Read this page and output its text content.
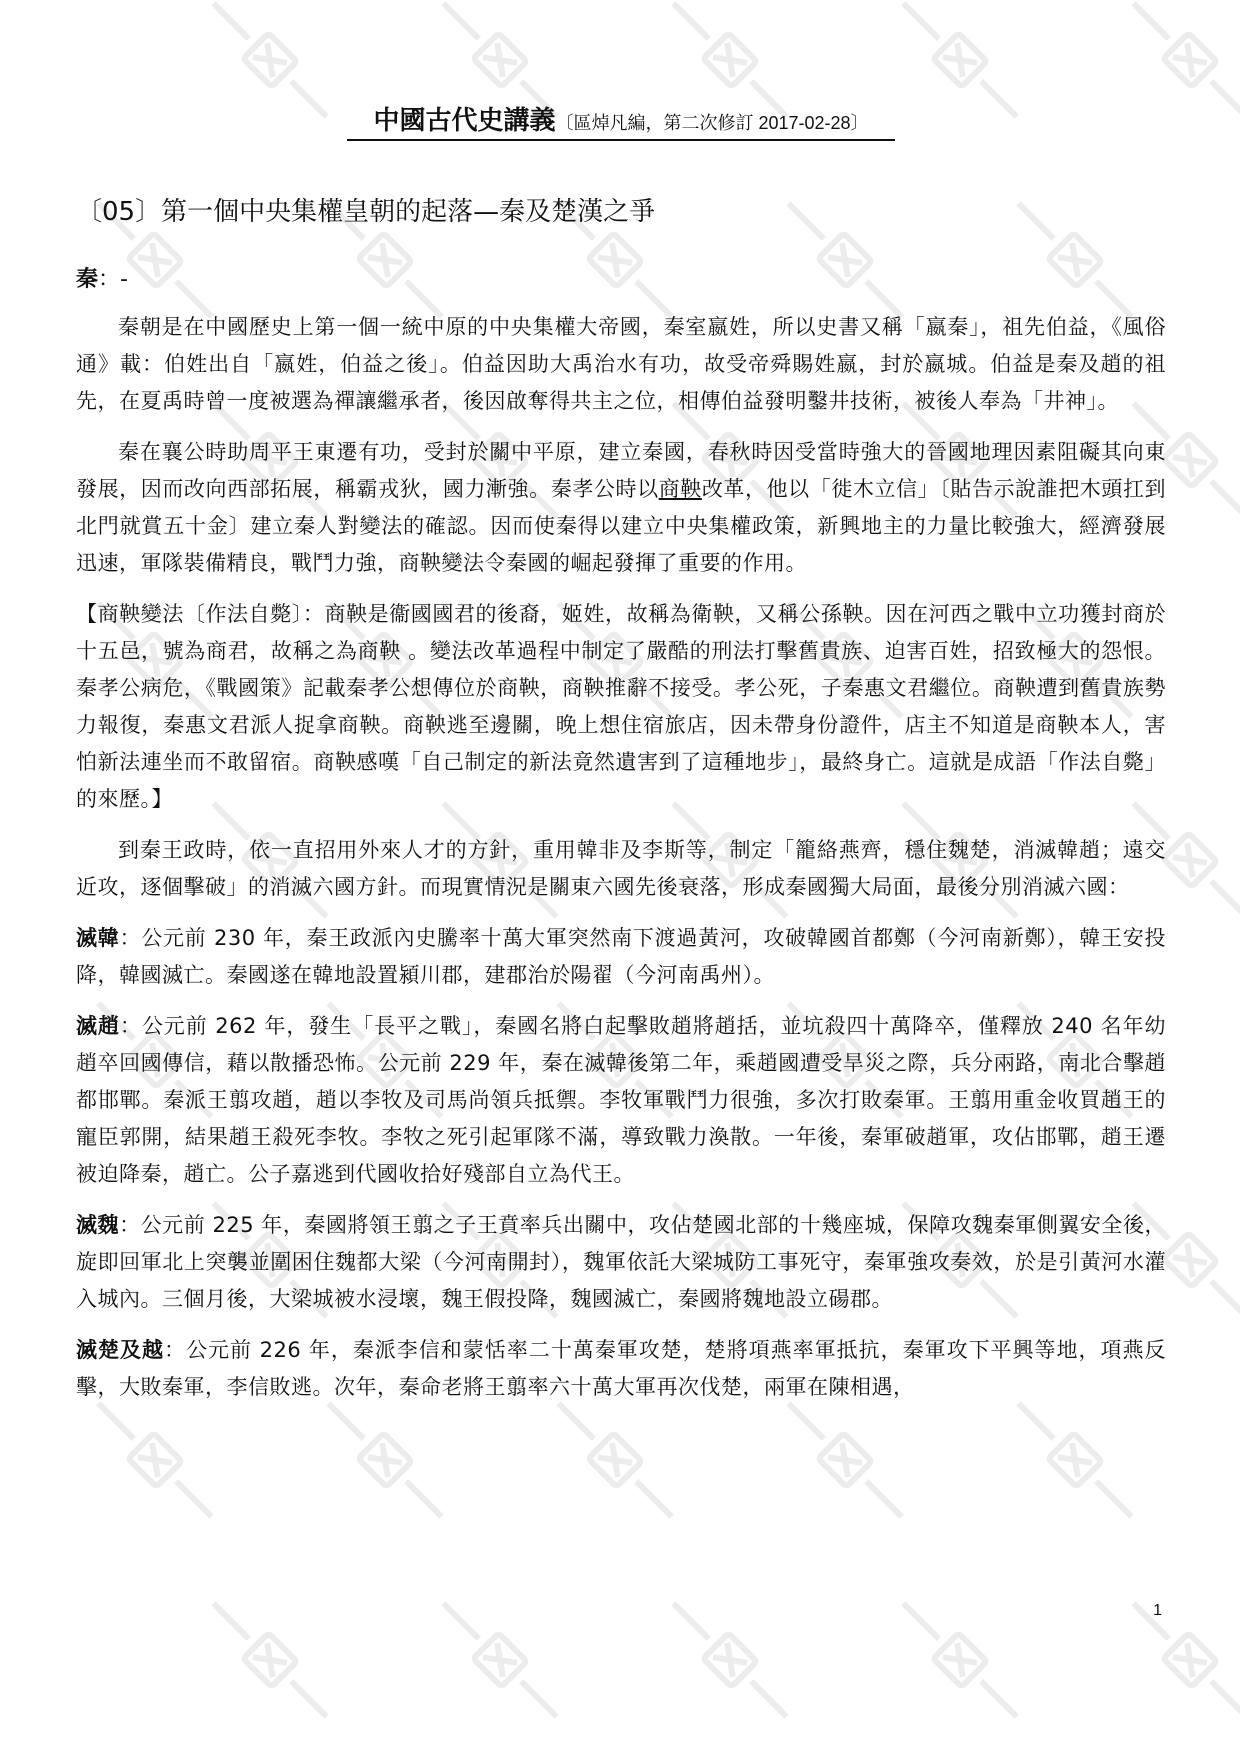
中國古代史講義〔區焯凡編，第二次修訂 2017-02-28〕
〔05〕第一個中央集權皇朝的起落—秦及楚漢之爭
秦：-

秦朝是在中國歷史上第一個一統中原的中央集權大帝國，秦室嬴姓，所以史書又稱「嬴秦」，祖先伯益，《風俗通》載：伯姓出自「嬴姓，伯益之後」。伯益因助大禹治水有功，故受帝舜賜姓嬴，封於嬴城。伯益是秦及趙的祖先，在夏禹時曾一度被選為禪讓繼承者，後因啟奪得共主之位，相傳伯益發明鑿井技術，被後人奉為「井神」。

秦在襄公時助周平王東遷有功，受封於關中平原，建立秦國，春秋時因受當時強大的晉國地理因素阻礙其向東發展，因而改向西部拓展，稱霸戎狄，國力漸強。秦孝公時以商鞅改革，他以「徙木立信」〔貼告示說誰把木頭扛到北門就賞五十金〕建立秦人對變法的確認。因而使秦得以建立中央集權政策，新興地主的力量比較強大，經濟發展迅速，軍隊裝備精良，戰鬥力強，商鞅變法令秦國的崛起發揮了重要的作用。

【商鞅變法〔作法自斃〕：商鞅是衞國國君的後裔，姬姓，故稱為衛鞅，又稱公孫鞅。因在河西之戰中立功獲封商於十五邑，號為商君，故稱之為商鞅 。變法改革過程中制定了嚴酷的刑法打擊舊貴族、迫害百姓，招致極大的怨恨。秦孝公病危，《戰國策》記載秦孝公想傳位於商鞅，商鞅推辭不接受。孝公死，子秦惠文君繼位。商鞅遭到舊貴族勢力報復，秦惠文君派人捉拿商鞅。商鞅逃至邊關，晚上想住宿旅店，因未帶身份證件，店主不知道是商鞅本人，害怕新法連坐而不敢留宿。商鞅感嘆「自己制定的新法竟然遺害到了這種地步」，最終身亡。這就是成語「作法自斃」的來歷。】

到秦王政時，依一直招用外來人才的方針，重用韓非及李斯等，制定「籠絡燕齊，穩住魏楚，消滅韓趙；遠交近攻，逐個擊破」的消滅六國方針。而現實情況是關東六國先後衰落，形成秦國獨大局面，最後分別消滅六國：

滅韓：公元前 230 年，秦王政派內史騰率十萬大軍突然南下渡過黃河，攻破韓國首都鄭（今河南新鄭），韓王安投降，韓國滅亡。秦國遂在韓地設置潁川郡，建郡治於陽翟（今河南禹州）。

滅趙：公元前 262 年，發生「長平之戰」，秦國名將白起擊敗趙將趙括，並坑殺四十萬降卒，僅釋放 240 名年幼趙卒回國傳信，藉以散播恐怖。公元前 229 年，秦在滅韓後第二年，乘趙國遭受旱災之際，兵分兩路，南北合擊趙都邯鄲。秦派王翦攻趙，趙以李牧及司馬尚領兵抵禦。李牧軍戰鬥力很強，多次打敗秦軍。王翦用重金收買趙王的寵臣郭開，結果趙王殺死李牧。李牧之死引起軍隊不滿，導致戰力渙散。一年後，秦軍破趙軍，攻佔邯鄲，趙王遷被迫降秦，趙亡。公子嘉逃到代國收拾好殘部自立為代王。

滅魏：公元前 225 年，秦國將領王翦之子王賁率兵出關中，攻佔楚國北部的十幾座城，保障攻魏秦軍側翼安全後，旋即回軍北上突襲並圍困住魏都大梁（今河南開封），魏軍依託大梁城防工事死守，秦軍強攻奏效，於是引黃河水灌入城內。三個月後，大梁城被水浸壞，魏王假投降，魏國滅亡，秦國將魏地設立碭郡。

滅楚及越：公元前 226 年，秦派李信和蒙恬率二十萬秦軍攻楚，楚將項燕率軍抵抗，秦軍攻下平興等地，項燕反擊，大敗秦軍，李信敗逃。次年，秦命老將王翦率六十萬大軍再次伐楚，兩軍在陳相遇，

1
